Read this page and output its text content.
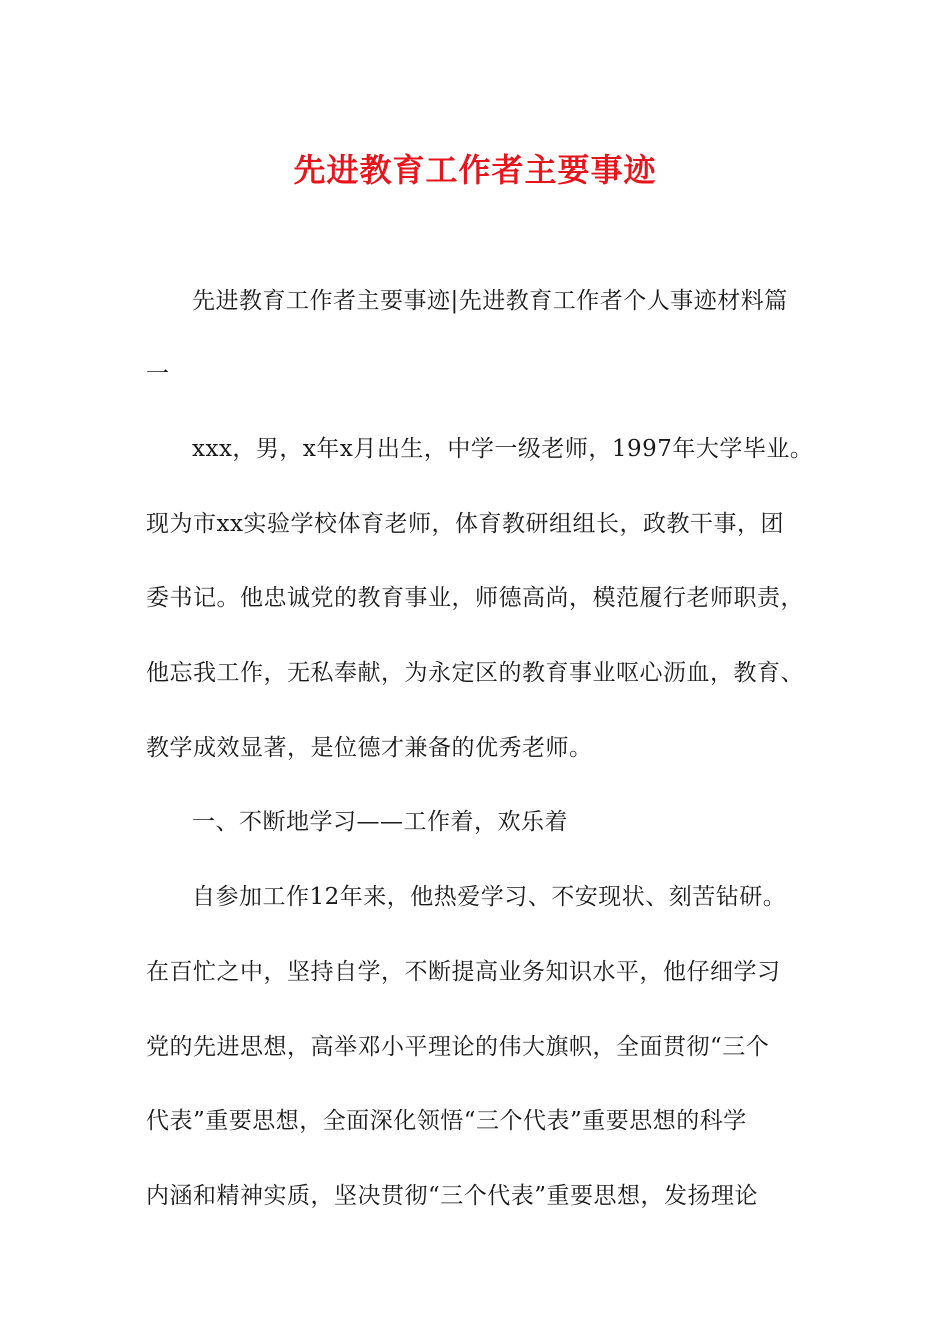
先进教育工作者主要事迹
先进教育工作者主要事迹|先进教育工作者个人事迹材料篇
一
xxx，男，x年x月出生，中学一级老师，1997年大学毕业。
现为市xx实验学校体育老师，体育教研组组长，政教干事，团
委书记。他忠诚党的教育事业，师德高尚，模范履行老师职责，
他忘我工作，无私奉献，为永定区的教育事业呕心沥血，教育、
教学成效显著，是位德才兼备的优秀老师。
一、不断地学习——工作着，欢乐着
自参加工作12年来，他热爱学习、不安现状、刻苦钻研。
在百忙之中，坚持自学，不断提高业务知识水平，他仔细学习
党的先进思想，高举邓小平理论的伟大旗帜，全面贯彻“三个
代表”重要思想，全面深化领悟“三个代表”重要思想的科学
内涵和精神实质，坚决贯彻“三个代表”重要思想，发扬理论
